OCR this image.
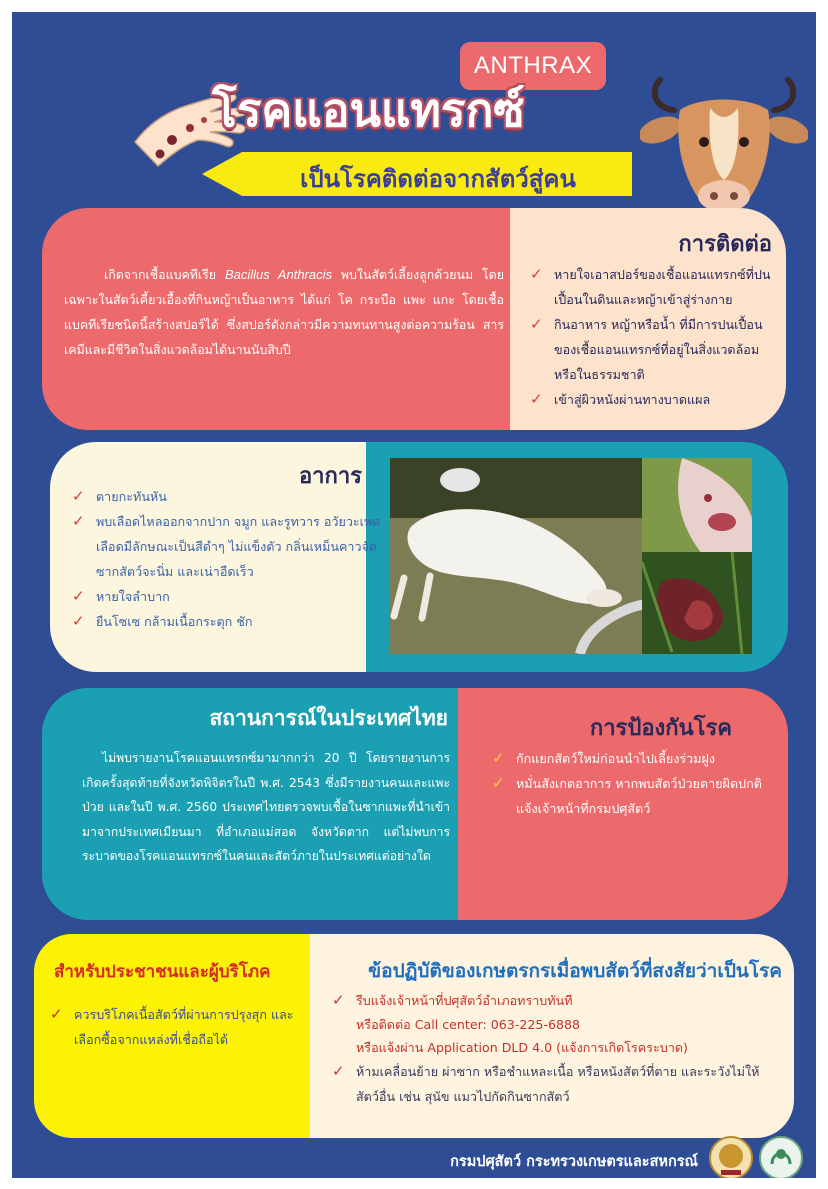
ANTHRAX
โรคแอนแทรกซ์
เป็นโรคติดต่อจากสัตว์สู่คน

เกิดจากเชื้อแบคทีเรีย Bacillus Anthracis พบในสัตว์เลี้ยงลูกด้วยนม โดยเฉพาะในสัตว์เคี้ยวเอื้องที่กินหญ้าเป็นอาหาร ได้แก่ โค กระบือ แพะ แกะ โดยเชื้อแบคทีเรียชนิดนี้สร้างสปอร์ได้ ซึ่งสปอร์ดังกล่าวมีความทนทานสูงต่อความร้อน สารเคมีและมีชีวิตในสิ่งแวดล้อมได้นานนับสิบปี

การติดต่อ
✓ หายใจเอาสปอร์ของเชื้อแอนแทรกซ์ที่ปนเปื้อนในดินและหญ้าเข้าสู่ร่างกาย
✓ กินอาหาร หญ้าหรือน้ำ ที่มีการปนเปื้อนของเชื้อแอนแทรกซ์ที่อยู่ในสิ่งแวดล้อม หรือในธรรมชาติ
✓ เข้าสู่ผิวหนังผ่านทางบาดแผล
อาการ
✓ ตายกะทันหัน
✓ พบเลือดไหลออกจากปาก จมูก และรูทวาร อวัยวะเพศ เลือดมีลักษณะเป็นสีดำๆ ไม่แข็งตัว กลิ่นเหม็นคาวจัด ซากสัตว์จะนิ่ม และเน่าอืดเร็ว
✓ หายใจลำบาก
✓ ยืนโซเซ กล้ามเนื้อกระตุก ชัก
สถานการณ์ในประเทศไทย

ไม่พบรายงานโรคแอนแทรกซ์มามากกว่า 20 ปี โดยรายงานการเกิดครั้งสุดท้ายที่จังหวัดพิจิตรในปี พ.ศ. 2543 ซึ่งมีรายงานคนและแพะป่วย และในปี พ.ศ. 2560 ประเทศไทยตรวจพบเชื้อในซากแพะที่นำเข้ามาจากประเทศเมียนมา ที่อำเภอแม่สอด จังหวัดตาก แต่ไม่พบการระบาดของโรคแอนแทรกซ์ในคนและสัตว์ภายในประเทศแต่อย่างใด

การป้องกันโรค
✓ กักแยกสัตว์ใหม่ก่อนนำไปเลี้ยงร่วมฝูง
✓ หมั่นสังเกตอาการ หากพบสัตว์ป่วยตายผิดปกติ แจ้งเจ้าหน้าที่กรมปศุสัตว์
สำหรับประชาชนและผู้บริโภค
✓ ควรบริโภคเนื้อสัตว์ที่ผ่านการปรุงสุก และเลือกซื้อจากแหล่งที่เชื่อถือได้
ข้อปฏิบัติของเกษตรกรเมื่อพบสัตว์ที่สงสัยว่าเป็นโรค
✓ รีบแจ้งเจ้าหน้าที่ปศุสัตว์อำเภอทราบทันที
หรือติดต่อ Call center: 063-225-6888
หรือแจ้งผ่าน Application DLD 4.0 (แจ้งการเกิดโรคระบาด)
✓ ห้ามเคลื่อนย้าย ผ่าซาก หรือชำแหละเนื้อ หรือหนังสัตว์ที่ตาย และระวังไม่ให้สัตว์อื่น เช่น สุนัข แมวไปกัดกินซากสัตว์
กรมปศุสัตว์ กระทรวงเกษตรและสหกรณ์
